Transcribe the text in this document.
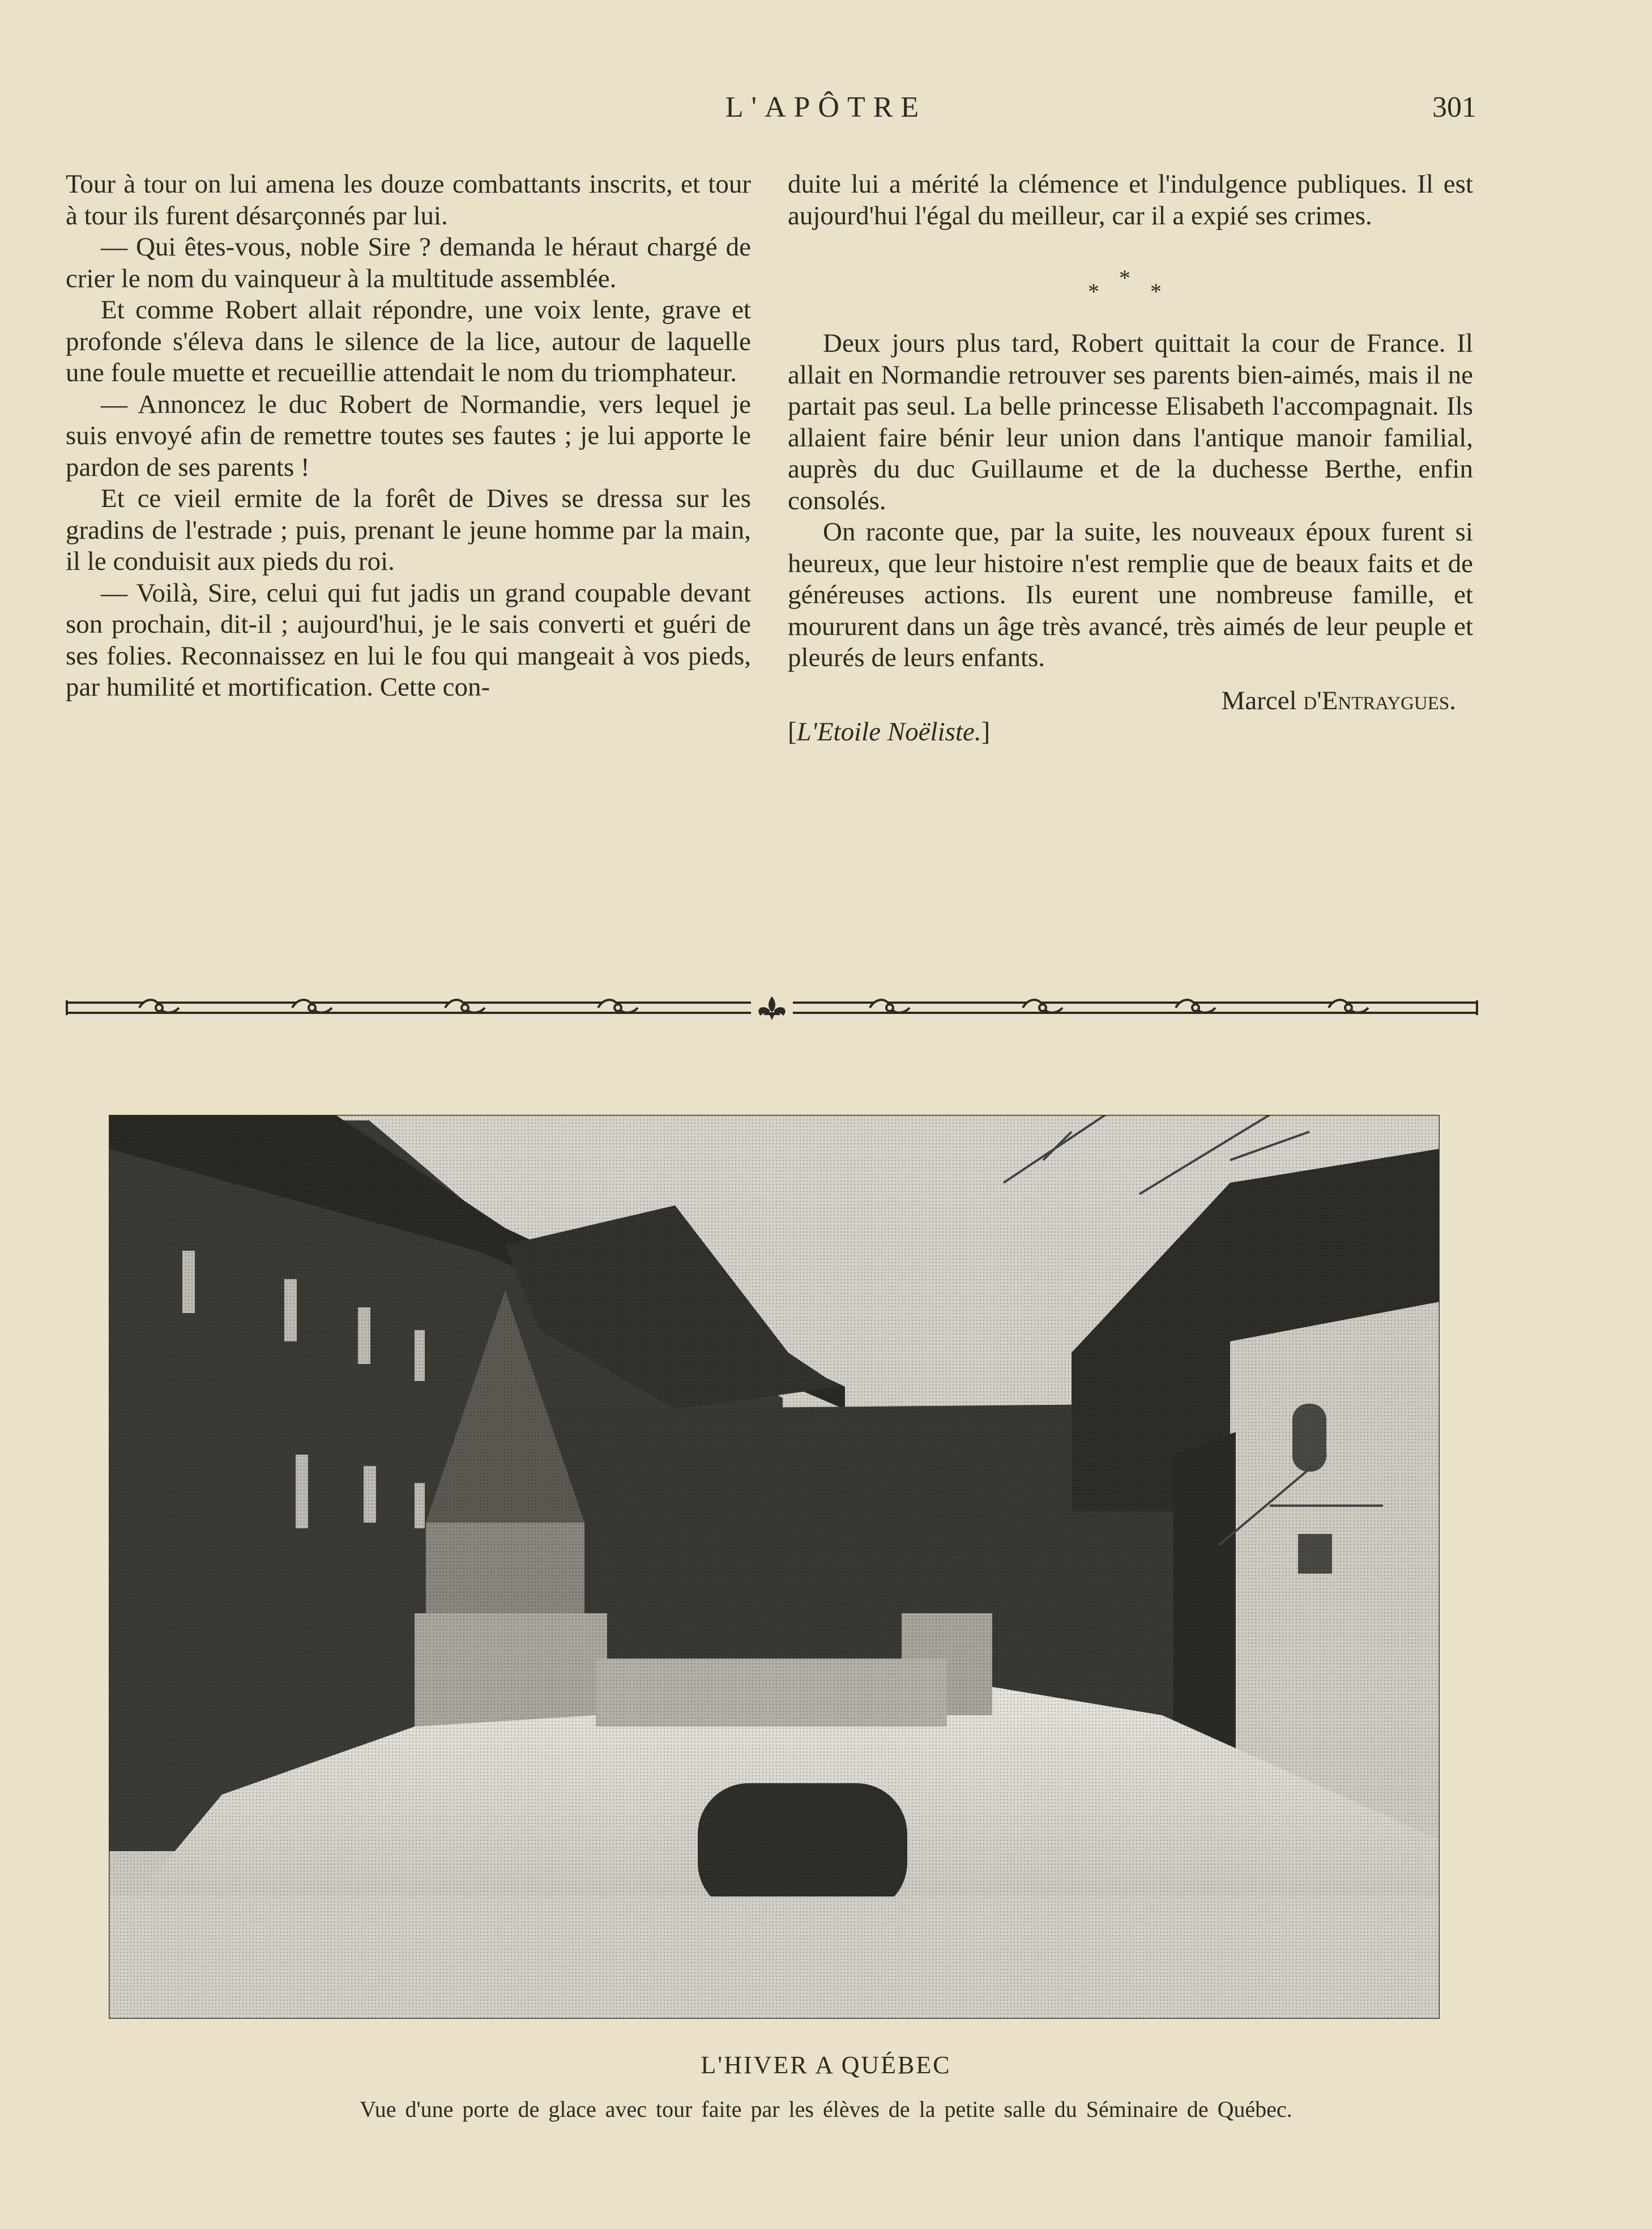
L'APÔTRE	301

Tour à tour on lui amena les douze combattants inscrits, et tour à tour ils furent désarçonnés par lui.

— Qui êtes-vous, noble Sire ? demanda le héraut chargé de crier le nom du vainqueur à la multitude assemblée.

Et comme Robert allait répondre, une voix lente, grave et profonde s'éleva dans le silence de la lice, autour de laquelle une foule muette et recueillie attendait le nom du triomphateur.

— Annoncez le duc Robert de Normandie, vers lequel je suis envoyé afin de remettre toutes ses fautes ; je lui apporte le pardon de ses parents !

Et ce vieil ermite de la forêt de Dives se dressa sur les gradins de l'estrade ; puis, prenant le jeune homme par la main, il le conduisit aux pieds du roi.

— Voilà, Sire, celui qui fut jadis un grand coupable devant son prochain, dit-il ; aujourd'hui, je le sais converti et guéri de ses folies. Reconnaissez en lui le fou qui mangeait à vos pieds, par humilité et mortification. Cette con-

duite lui a mérité la clémence et l'indulgence publiques. Il est aujourd'hui l'égal du meilleur, car il a expié ses crimes.

*
*
*

Deux jours plus tard, Robert quittait la cour de France. Il allait en Normandie retrouver ses parents bien-aimés, mais il ne partait pas seul. La belle princesse Elisabeth l'accompagnait. Ils allaient faire bénir leur union dans l'antique manoir familial, auprès du duc Guillaume et de la duchesse Berthe, enfin consolés.

On raconte que, par la suite, les nouveaux époux furent si heureux, que leur histoire n'est remplie que de beaux faits et de généreuses actions. Ils eurent une nombreuse famille, et moururent dans un âge très avancé, très aimés de leur peuple et pleurés de leurs enfants.

Marcel d'Entraygues.
[L'Etoile Noëliste.]
L'HIVER A QUÉBEC
Vue d'une porte de glace avec tour faite par les élèves de la petite salle du Séminaire de Québec.
